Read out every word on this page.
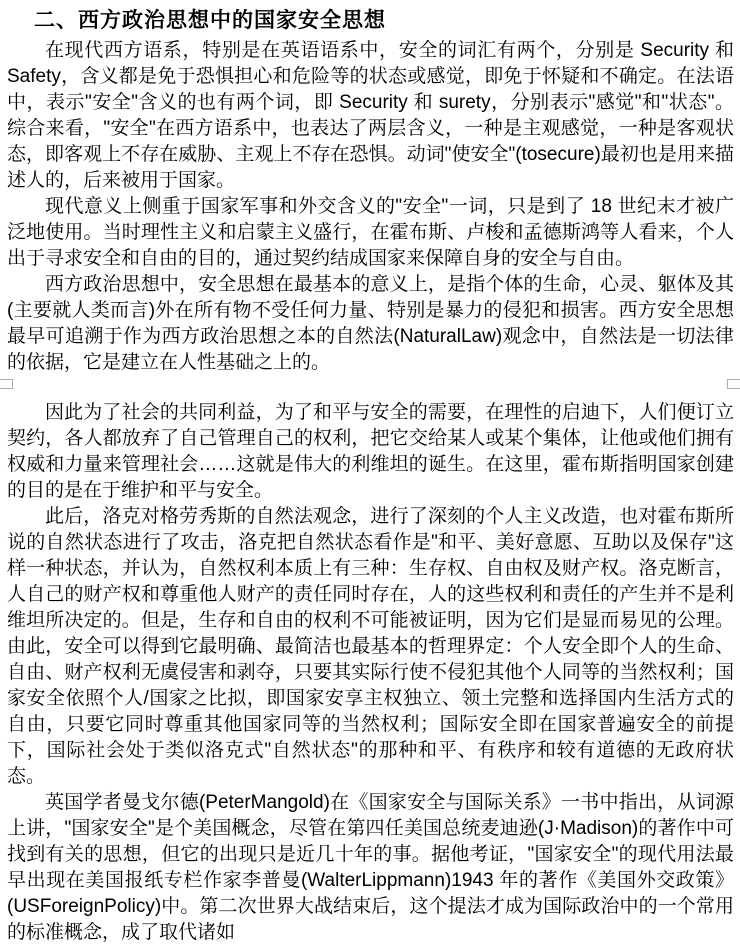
二、西方政治思想中的国家安全思想

在现代西方语系，特别是在英语语系中，安全的词汇有两个，分别是 Security 和 Safety，含义都是免于恐惧担心和危险等的状态或感觉，即免于怀疑和不确定。在法语中，表示"安全"含义的也有两个词，即 Security 和 surety，分别表示"感觉"和"状态"。综合来看，"安全"在西方语系中，也表达了两层含义，一种是主观感觉，一种是客观状态，即客观上不存在威胁、主观上不存在恐惧。动词"使安全"(tosecure)最初也是用来描述人的，后来被用于国家。

现代意义上侧重于国家军事和外交含义的"安全"一词，只是到了 18 世纪末才被广泛地使用。当时理性主义和启蒙主义盛行，在霍布斯、卢梭和孟德斯鸿等人看来，个人出于寻求安全和自由的目的，通过契约结成国家来保障自身的安全与自由。

西方政治思想中，安全思想在最基本的意义上，是指个体的生命，心灵、躯体及其(主要就人类而言)外在所有物不受任何力量、特别是暴力的侵犯和损害。西方安全思想最早可追溯于作为西方政治思想之本的自然法(NaturalLaw)观念中，自然法是一切法律的依据，它是建立在人性基础之上的。

因此为了社会的共同利益，为了和平与安全的需要，在理性的启迪下，人们便订立契约，各人都放弃了自己管理自己的权利，把它交给某人或某个集体，让他或他们拥有权威和力量来管理社会……这就是伟大的利维坦的诞生。在这里，霍布斯指明国家创建的目的是在于维护和平与安全。

此后，洛克对格劳秀斯的自然法观念，进行了深刻的个人主义改造，也对霍布斯所说的自然状态进行了攻击，洛克把自然状态看作是"和平、美好意愿、互助以及保存"这样一种状态，并认为，自然权利本质上有三种：生存权、自由权及财产权。洛克断言，人自己的财产权和尊重他人财产的责任同时存在，人的这些权利和责任的产生并不是利维坦所决定的。但是，生存和自由的权利不可能被证明，因为它们是显而易见的公理。由此，安全可以得到它最明确、最简洁也最基本的哲理界定：个人安全即个人的生命、自由、财产权利无虞侵害和剥夺，只要其实际行使不侵犯其他个人同等的当然权利；国家安全依照个人/国家之比拟，即国家安享主权独立、领土完整和选择国内生活方式的自由，只要它同时尊重其他国家同等的当然权利；国际安全即在国家普遍安全的前提下，国际社会处于类似洛克式"自然状态"的那种和平、有秩序和较有道德的无政府状态。

英国学者曼戈尔德(PeterMangold)在《国家安全与国际关系》一书中指出，从词源上讲，"国家安全"是个美国概念，尽管在第四任美国总统麦迪逊(J·Madison)的著作中可找到有关的思想，但它的出现只是近几十年的事。据他考证，"国家安全"的现代用法最早出现在美国报纸专栏作家李普曼(WalterLippmann)1943 年的著作《美国外交政策》(USForeignPolicy)中。第二次世界大战结束后，这个提法才成为国际政治中的一个常用的标准概念，成了取代诸如
